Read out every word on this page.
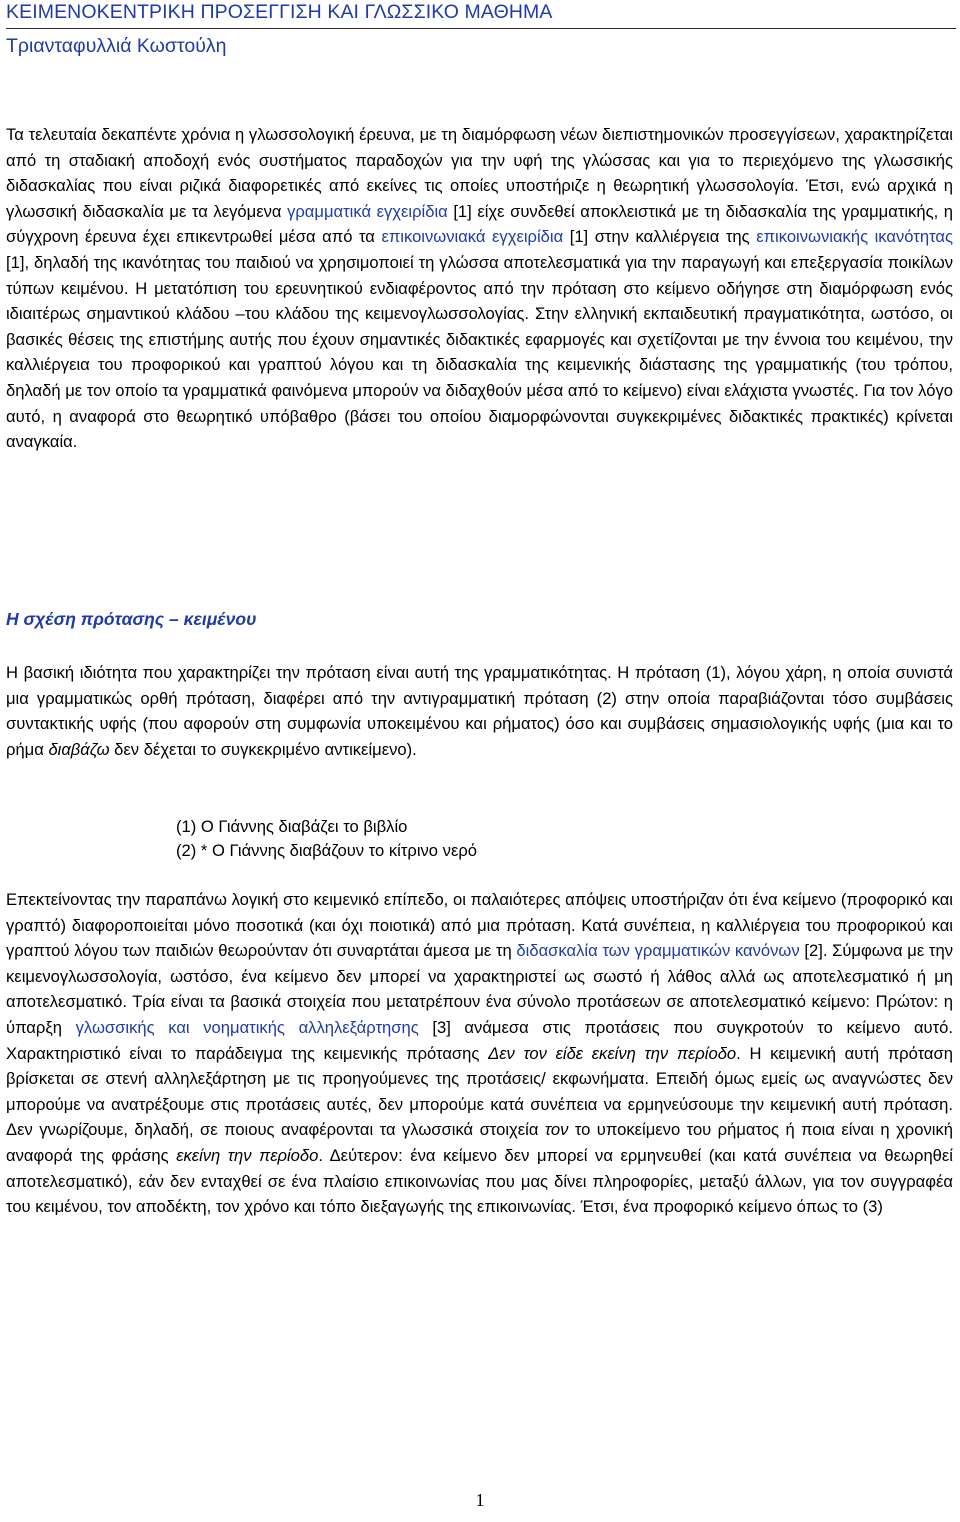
ΚΕΙΜΕΝΟΚΕΝΤΡΙΚΗ ΠΡΟΣΕΓΓΙΣΗ ΚΑΙ ΓΛΩΣΣΙΚΟ ΜΑΘΗΜΑ
Τριανταφυλλιά Κωστούλη

Τα τελευταία δεκαπέντε χρόνια η γλωσσολογική έρευνα, με τη διαμόρφωση νέων διεπιστημονικών προσεγγίσεων, χαρακτηρίζεται από τη σταδιακή αποδοχή ενός συστήματος παραδοχών για την υφή της γλώσσας και για το περιεχόμενο της γλωσσικής διδασκαλίας που είναι ριζικά διαφορετικές από εκείνες τις οποίες υποστήριζε η θεωρητική γλωσσολογία. Έτσι, ενώ αρχικά η γλωσσική διδασκαλία με τα λεγόμενα γραμματικά εγχειρίδια [1] είχε συνδεθεί αποκλειστικά με τη διδασκαλία της γραμματικής, η σύγχρονη έρευνα έχει επικεντρωθεί μέσα από τα επικοινωνιακά εγχειρίδια [1] στην καλλιέργεια της επικοινωνιακής ικανότητας [1], δηλαδή της ικανότητας του παιδιού να χρησιμοποιεί τη γλώσσα αποτελεσματικά για την παραγωγή και επεξεργασία ποικίλων τύπων κειμένου. Η μετατόπιση του ερευνητικού ενδιαφέροντος από την πρόταση στο κείμενο οδήγησε στη διαμόρφωση ενός ιδιαιτέρως σημαντικού κλάδου –του κλάδου της κειμενογλωσσολογίας. Στην ελληνική εκπαιδευτική πραγματικότητα, ωστόσο, οι βασικές θέσεις της επιστήμης αυτής που έχουν σημαντικές διδακτικές εφαρμογές και σχετίζονται με την έννοια του κειμένου, την καλλιέργεια του προφορικού και γραπτού λόγου και τη διδασκαλία της κειμενικής διάστασης της γραμματικής (του τρόπου, δηλαδή με τον οποίο τα γραμματικά φαινόμενα μπορούν να διδαχθούν μέσα από το κείμενο) είναι ελάχιστα γνωστές. Για τον λόγο αυτό, η αναφορά στο θεωρητικό υπόβαθρο (βάσει του οποίου διαμορφώνονται συγκεκριμένες διδακτικές πρακτικές) κρίνεται αναγκαία.

Η σχέση πρότασης – κειμένου

Η βασική ιδιότητα που χαρακτηρίζει την πρόταση είναι αυτή της γραμματικότητας. Η πρόταση (1), λόγου χάρη, η οποία συνιστά μια γραμματικώς ορθή πρόταση, διαφέρει από την αντιγραμματική πρόταση (2) στην οποία παραβιάζονται τόσο συμβάσεις συντακτικής υφής (που αφορούν στη συμφωνία υποκειμένου και ρήματος) όσο και συμβάσεις σημασιολογικής υφής (μια και το ρήμα διαβάζω δεν δέχεται το συγκεκριμένο αντικείμενο).

(1) Ο Γιάννης διαβάζει το βιβλίο
(2) * Ο Γιάννης διαβάζουν το κίτρινο νερό

Επεκτείνοντας την παραπάνω λογική στο κειμενικό επίπεδο, οι παλαιότερες απόψεις υποστήριζαν ότι ένα κείμενο (προφορικό και γραπτό) διαφοροποιείται μόνο ποσοτικά (και όχι ποιοτικά) από μια πρόταση. Κατά συνέπεια, η καλλιέργεια του προφορικού και γραπτού λόγου των παιδιών θεωρούνταν ότι συναρτάται άμεσα με τη διδασκαλία των γραμματικών κανόνων [2]. Σύμφωνα με την κειμενογλωσσολογία, ωστόσο, ένα κείμενο δεν μπορεί να χαρακτηριστεί ως σωστό ή λάθος αλλά ως αποτελεσματικό ή μη αποτελεσματικό. Τρία είναι τα βασικά στοιχεία που μετατρέπουν ένα σύνολο προτάσεων σε αποτελεσματικό κείμενο: Πρώτον: η ύπαρξη γλωσσικής και νοηματικής αλληλεξάρτησης [3] ανάμεσα στις προτάσεις που συγκροτούν το κείμενο αυτό. Χαρακτηριστικό είναι το παράδειγμα της κειμενικής πρότασης Δεν τον είδε εκείνη την περίοδο. Η κειμενική αυτή πρόταση βρίσκεται σε στενή αλληλεξάρτηση με τις προηγούμενες της προτάσεις/ εκφωνήματα. Επειδή όμως εμείς ως αναγνώστες δεν μπορούμε να ανατρέξουμε στις προτάσεις αυτές, δεν μπορούμε κατά συνέπεια να ερμηνεύσουμε την κειμενική αυτή πρόταση. Δεν γνωρίζουμε, δηλαδή, σε ποιους αναφέρονται τα γλωσσικά στοιχεία τον το υποκείμενο του ρήματος ή ποια είναι η χρονική αναφορά της φράσης εκείνη την περίοδο. Δεύτερον: ένα κείμενο δεν μπορεί να ερμηνευθεί (και κατά συνέπεια να θεωρηθεί αποτελεσματικό), εάν δεν ενταχθεί σε ένα πλαίσιο επικοινωνίας που μας δίνει πληροφορίες, μεταξύ άλλων, για τον συγγραφέα του κειμένου, τον αποδέκτη, τον χρόνο και τόπο διεξαγωγής της επικοινωνίας. Έτσι, ένα προφορικό κείμενο όπως το (3)

1
